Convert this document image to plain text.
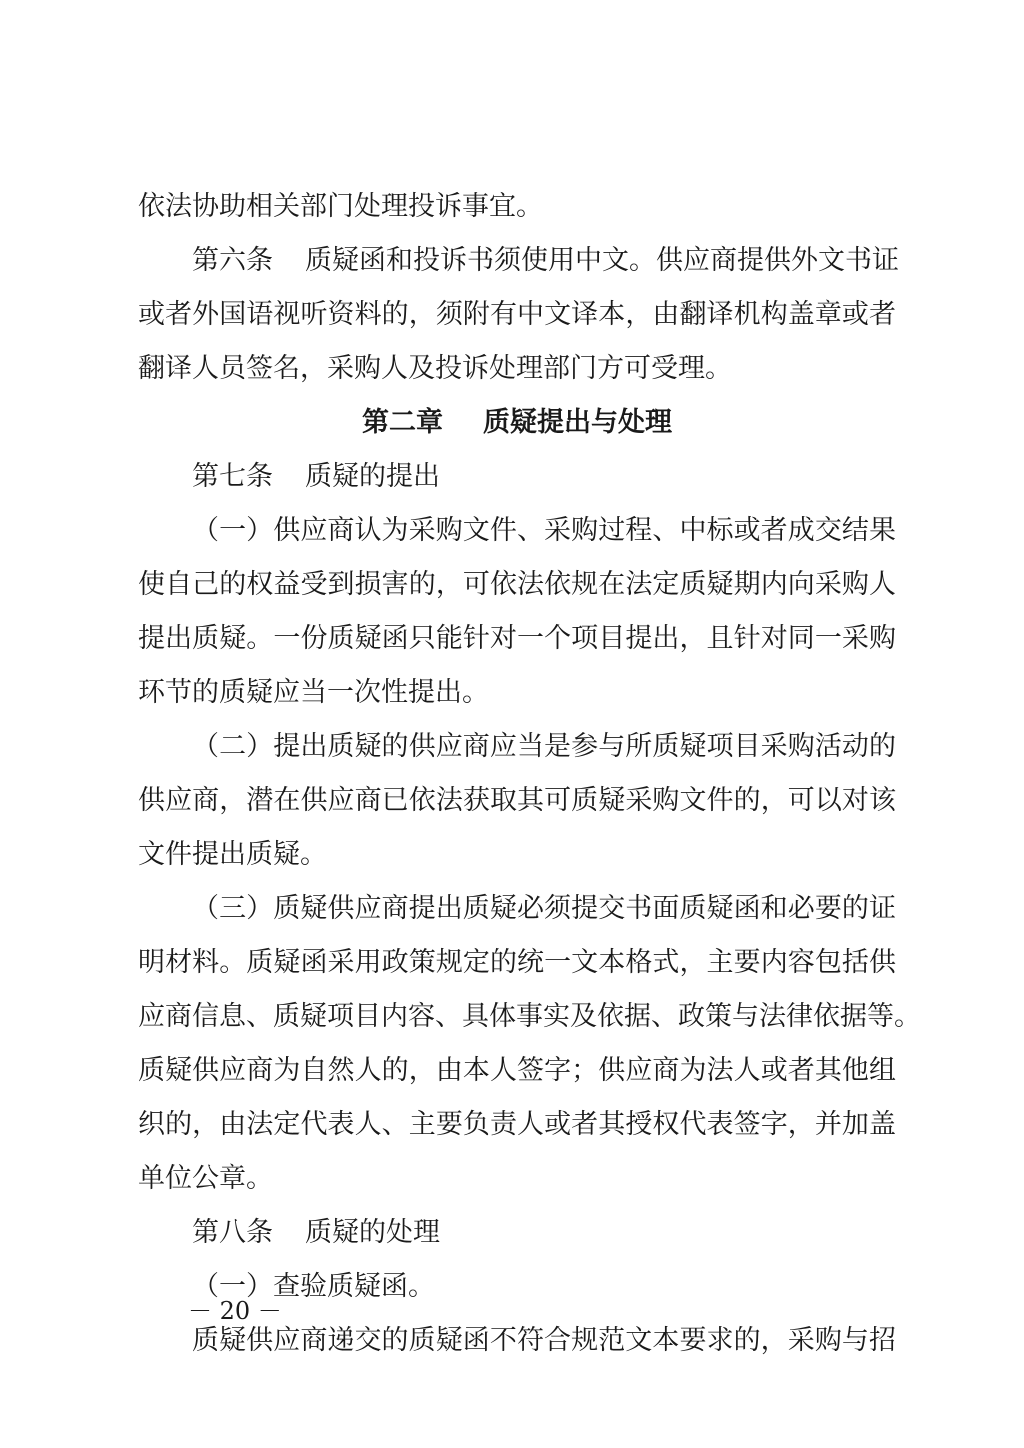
依法协助相关部门处理投诉事宜。
第六条 质疑函和投诉书须使用中文。供应商提供外文书证
或者外国语视听资料的，须附有中文译本，由翻译机构盖章或者
翻译人员签名，采购人及投诉处理部门方可受理。
第二章 质疑提出与处理
第七条 质疑的提出
（一）供应商认为采购文件、采购过程、中标或者成交结果
使自己的权益受到损害的，可依法依规在法定质疑期内向采购人
提出质疑。一份质疑函只能针对一个项目提出，且针对同一采购
环节的质疑应当一次性提出。
（二）提出质疑的供应商应当是参与所质疑项目采购活动的
供应商，潜在供应商已依法获取其可质疑采购文件的，可以对该
文件提出质疑。
（三）质疑供应商提出质疑必须提交书面质疑函和必要的证
明材料。质疑函采用政策规定的统一文本格式，主要内容包括供
应商信息、质疑项目内容、具体事实及依据、政策与法律依据等。
质疑供应商为自然人的，由本人签字；供应商为法人或者其他组
织的，由法定代表人、主要负责人或者其授权代表签字，并加盖
单位公章。
第八条 质疑的处理
（一）查验质疑函。
质疑供应商递交的质疑函不符合规范文本要求的，采购与招
－ 20 －
